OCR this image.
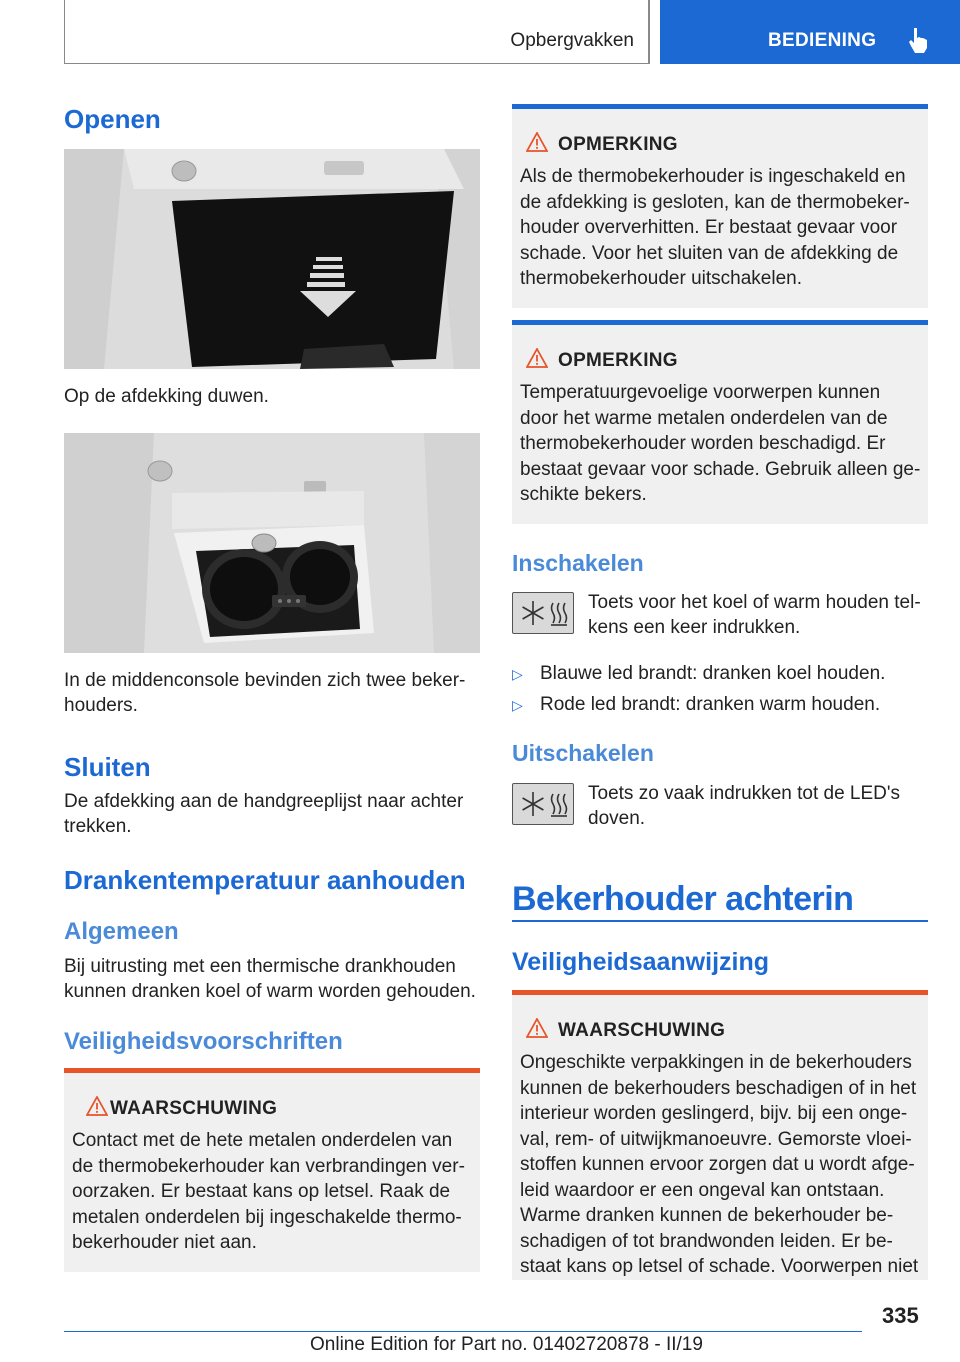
Opbergvakken	BEDIENING
Openen
Op de afdekking duwen.
In de middenconsole bevinden zich twee beker-
houders.
Sluiten
De afdekking aan de handgreeplijst naar achter
trekken.
Drankentemperatuur aanhouden
Algemeen
Bij uitrusting met een thermische drankhouden
kunnen dranken koel of warm worden gehouden.
Veiligheidsvoorschriften
WAARSCHUWING
Contact met de hete metalen onderdelen van
de thermobekerhouder kan verbrandingen ver-
oorzaken. Er bestaat kans op letsel. Raak de
metalen onderdelen bij ingeschakelde thermo-
bekerhouder niet aan.
OPMERKING
Als de thermobekerhouder is ingeschakeld en
de afdekking is gesloten, kan de thermobeker-
houder oververhitten. Er bestaat gevaar voor
schade. Voor het sluiten van de afdekking de
thermobekerhouder uitschakelen.
OPMERKING
Temperatuurgevoelige voorwerpen kunnen
door het warme metalen onderdelen van de
thermobekerhouder worden beschadigd. Er
bestaat gevaar voor schade. Gebruik alleen ge-
schikte bekers.
Inschakelen
Toets voor het koel of warm houden tel-
kens een keer indrukken.
▷ Blauwe led brandt: dranken koel houden.
▷ Rode led brandt: dranken warm houden.
Uitschakelen
Toets zo vaak indrukken tot de LED's
doven.
Bekerhouder achterin
Veiligheidsaanwijzing
WAARSCHUWING
Ongeschikte verpakkingen in de bekerhouders
kunnen de bekerhouders beschadigen of in het
interieur worden geslingerd, bijv. bij een onge-
val, rem- of uitwijkmanoeuvre. Gemorste vloei-
stoffen kunnen ervoor zorgen dat u wordt afge-
leid waardoor er een ongeval kan ontstaan.
Warme dranken kunnen de bekerhouder be-
schadigen of tot brandwonden leiden. Er be-
staat kans op letsel of schade. Voorwerpen niet
335
Online Edition for Part no. 01402720878 - II/19
